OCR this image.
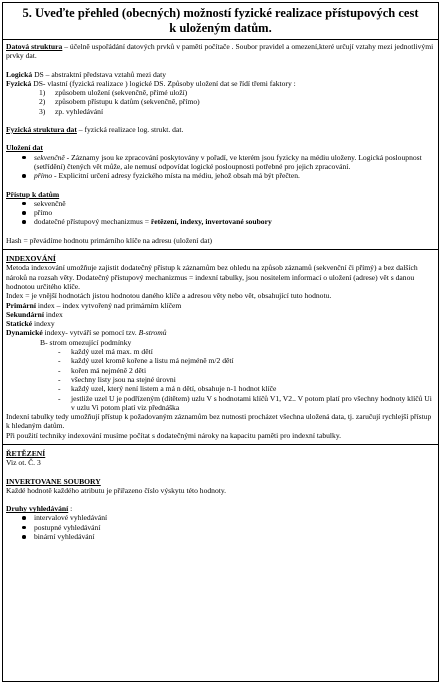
5. Uveďte přehled (obecných) možností fyzické realizace přístupových cest
k uloženým datům.

Datová struktura – účelně uspořádání datových prvků v paměti počítače . Soubor pravidel a omezení,které určují vztahy mezi jednotlivými prvky dat.

Logická DS – abstraktní představa vztahů mezi daty

Fyzická DS- vlastní (fyzická realizace ) logické DS. Způsoby uložení dat se řídí třemi faktory :

1) způsobem uložení (sekvenčně, přímé uloží)
2) způsobem přístupu k datům (sekvenčně, přímo)
3) zp. vyhledávání

Fyzická struktura dat – fyzická realizace log. strukt. dat.

Uložení dat

sekvenčně - Záznamy jsou ke zpracování poskytovány v pořadí, ve kterém jsou fyzicky na médiu uloženy. Logická posloupnost (setřídění) čtených vět může, ale nemusí odpovídat logické posloupnosti potřebné pro jejich zpracování.
přímo - Explicitní určení adresy fyzického místa na médiu, jehož obsah má být přečten.

Přístup k datům

sekvenčně
přímo
dodatečné přístupový mechanizmus = řetězení, indexy, invertované soubory

Hash = převádíme hodnotu primárního klíče na adresu (uložení dat)

INDEXOVÁNÍ

Metoda indexování umožňuje zajistit dodatečný přístup k záznamům bez ohledu na způsob záznamů (sekvenční či přímý) a bez dalších nároků na rozsah věty. Dodatečný přístupový mechanizmus = indexní tabulky, jsou nositelem informací o uložení (adrese) vět s danou hodnotou určitého klíče.

Index = je vnější hodnotách jistou hodnotou daného klíče a adresou věty nebo vět, obsahující tuto hodnotu.

Primární index – index vytvořený nad primárním klíčem

Sekundární index

Statické indexy

Dynamické indexy- vytváří se pomocí tzv. B-stromů

B- strom omezující podmínky

- každý uzel má max. m dětí
- každý uzel kromě kořene a listu má nejméně m/2 dětí
- kořen má nejméně 2 děti
- všechny listy jsou na stejné úrovni
- každý uzel, který není listem a má n dětí, obsahuje n-1 hodnot klíče
- jestliže uzel U je podřízeným (dítětem) uzlu V s hodnotami klíčů V1, V2.. V potom platí pro všechny hodnoty klíčů Ui v uzlu Vi potom platí viz přednáška

Indexní tabulky tedy umožňují přístup k požadovaným záznamům bez nutnosti procházet všechna uložená data, tj. zaručují rychlejší přístup k hledaným datům.

Při použití techniky indexování musíme počítat s dodatečnými nároky na kapacitu paměti pro indexní tabulky.

ŘETĚZENÍ

Viz ot. Č. 3

INVERTOVANE SOUBORY

Každé hodnotě každého atributu je přiřazeno číslo výskytu této hodnoty.

Druhy vyhledávání :

intervalové vyhledávání
postupné vyhledávání
binární vyhledávání
